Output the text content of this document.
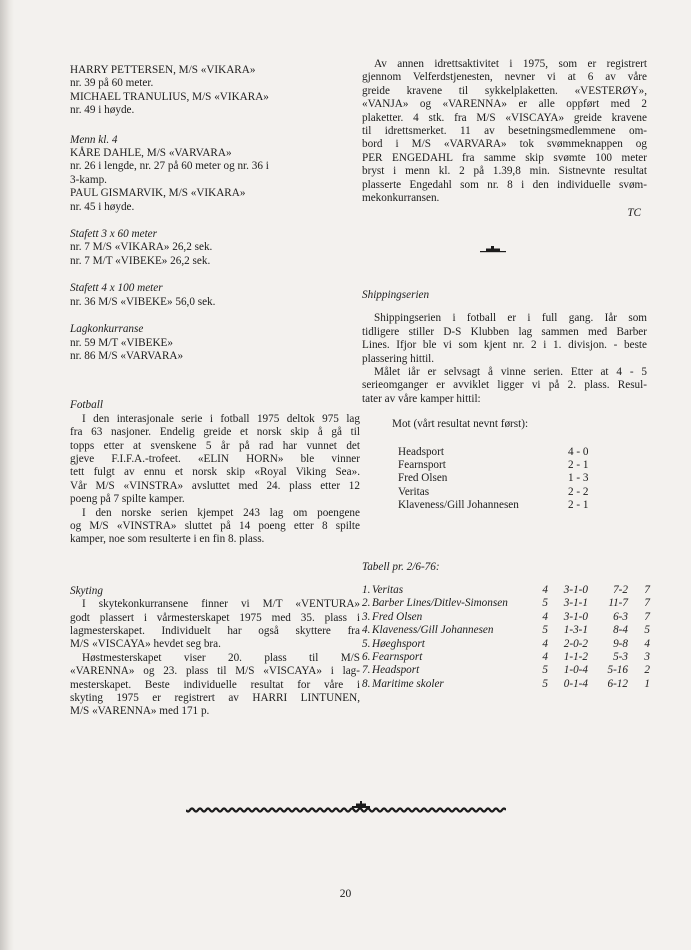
HARRY PETTERSEN, M/S «VIKARA»
nr. 39 på 60 meter.
MICHAEL TRANULIUS, M/S «VIKARA»
nr. 49 i høyde.
Menn kl. 4
KÅRE DAHLE, M/S «VARVARA»
nr. 26 i lengde, nr. 27 på 60 meter og nr. 36 i
3-kamp.
PAUL GISMARVIK, M/S «VIKARA»
nr. 45 i høyde.
Stafett 3 x 60 meter
nr. 7 M/S «VIKARA» 26,2 sek.
nr. 7 M/T «VIBEKE» 26,2 sek.
Stafett 4 x 100 meter
nr. 36 M/S «VIBEKE» 56,0 sek.
Lagkonkurranse
nr. 59 M/T «VIBEKE»
nr. 86 M/S «VARVARA»
Fotball
I den interasjonale serie i fotball 1975 deltok 975 lag
fra 63 nasjoner. Endelig greide et norsk skip å gå til
topps etter at svenskene 5 år på rad har vunnet det
gjeve F.I.F.A.-trofeet. «ELIN HORN» ble vinner
tett fulgt av ennu et norsk skip «Royal Viking Sea».
Vår M/S «VINSTRA» avsluttet med 24. plass etter 12
poeng på 7 spilte kamper.
I den norske serien kjempet 243 lag om poengene
og M/S «VINSTRA» sluttet på 14 poeng etter 8 spilte
kamper, noe som resulterte i en fin 8. plass.
Skyting
I skytekonkurransene finner vi M/T «VENTURA»
godt plassert i vårmesterskapet 1975 med 35. plass i
lagmesterskapet. Individuelt har også skyttere fra
M/S «VISCAYA» hevdet seg bra.
Høstmesterskapet viser 20. plass til M/S
«VARENNA» og 23. plass til M/S «VISCAYA» i lag-
mesterskapet. Beste individuelle resultat for våre i
skyting 1975 er registrert av HARRI LINTUNEN,
M/S «VARENNA» med 171 p.
Av annen idrettsaktivitet i 1975, som er registrert
gjennom Velferdstjenesten, nevner vi at 6 av våre
greide kravene til sykkelplaketten. «VESTERØY»,
«VANJA» og «VARENNA» er alle oppført med 2
plaketter. 4 stk. fra M/S «VISCAYA» greide kravene
til idrettsmerket. 11 av besetningsmedlemmene om-
bord i M/S «VARVARA» tok svømmeknappen og
PER ENGEDAHL fra samme skip svømte 100 meter
bryst i menn kl. 2 på 1.39,8 min. Sistnevnte resultat
plasserte Engedahl som nr. 8 i den individuelle svøm-
mekonkurransen.
TC
Shippingserien
Shippingserien i fotball er i full gang. Iår som
tidligere stiller D-S Klubben lag sammen med Barber
Lines. Ifjor ble vi som kjent nr. 2 i 1. divisjon. - beste
plassering hittil.
Målet iår er selvsagt å vinne serien. Etter at 4 - 5
serieomganger er avviklet ligger vi på 2. plass. Resul-
tater av våre kamper hittil:
Mot (vårt resultat nevnt først):
Headsport	4 - 0
Fearnsport	2 - 1
Fred Olsen	1 - 3
Veritas	2 - 2
Klaveness/Gill Johannesen	2 - 1
Tabell pr. 2/6-76:
1. Veritas	4	3-1-0	7-2	7
2. Barber Lines/Ditlev-Simonsen	5	3-1-1	11-7	7
3. Fred Olsen	4	3-1-0	6-3	7
4. Klaveness/Gill Johannesen	5	1-3-1	8-4	5
5. Høeghsport	4	2-0-2	9-8	4
6. Fearnsport	4	1-1-2	5-3	3
7. Headsport	5	1-0-4	5-16	2
8. Maritime skoler	5	0-1-4	6-12	1
20
